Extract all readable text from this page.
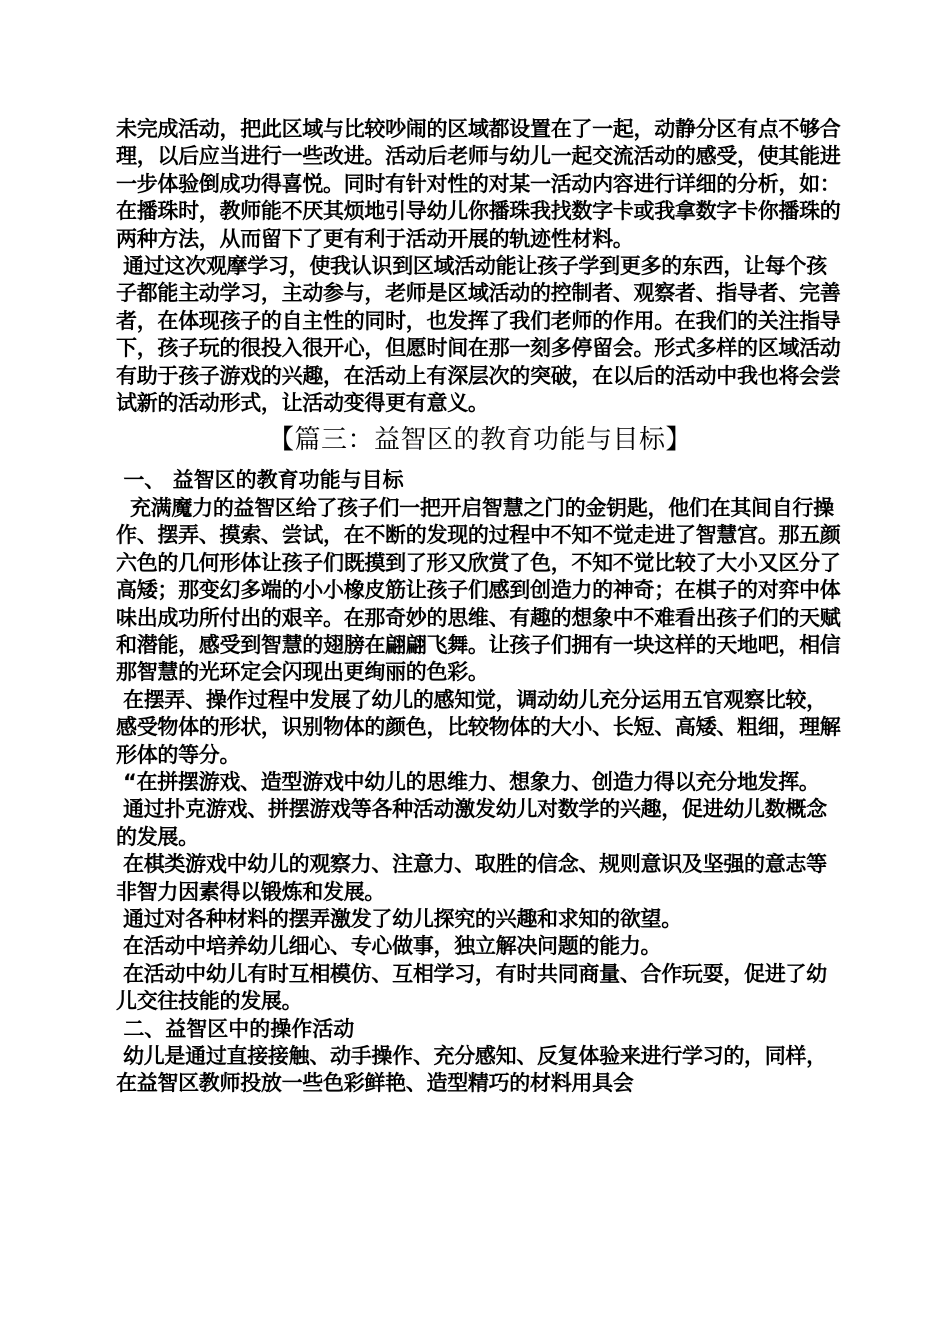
未完成活动，把此区域与比较吵闹的区域都设置在了一起，动静分区有点不够合理，以后应当进行一些改进。活动后老师与幼儿一起交流活动的感受，使其能进一步体验倒成功得喜悦。同时有针对性的对某一活动内容进行详细的分析，如：在播珠时，教师能不厌其烦地引导幼儿你播珠我找数字卡或我拿数字卡你播珠的两种方法，从而留下了更有利于活动开展的轨迹性材料。

通过这次观摩学习，使我认识到区域活动能让孩子学到更多的东西，让每个孩子都能主动学习，主动参与，老师是区域活动的控制者、观察者、指导者、完善者，在体现孩子的自主性的同时，也发挥了我们老师的作用。在我们的关注指导下，孩子玩的很投入很开心，但愿时间在那一刻多停留会。形式多样的区域活动有助于孩子游戏的兴趣，在活动上有深层次的突破，在以后的活动中我也将会尝试新的活动形式，让活动变得更有意义。

【篇三：益智区的教育功能与目标】

一、 益智区的教育功能与目标

充满魔力的益智区给了孩子们一把开启智慧之门的金钥匙，他们在其间自行操作、摆弄、摸索、尝试，在不断的发现的过程中不知不觉走进了智慧宫。那五颜六色的几何形体让孩子们既摸到了形又欣赏了色，不知不觉比较了大小又区分了高矮；那变幻多端的小小橡皮筋让孩子们感到创造力的神奇；在棋子的对弈中体味出成功所付出的艰辛。在那奇妙的思维、有趣的想象中不难看出孩子们的天赋和潜能，感受到智慧的翅膀在翩翩飞舞。让孩子们拥有一块这样的天地吧，相信那智慧的光环定会闪现出更绚丽的色彩。

在摆弄、操作过程中发展了幼儿的感知觉，调动幼儿充分运用五官观察比较，感受物体的形状，识别物体的颜色，比较物体的大小、长短、高矮、粗细，理解形体的等分。

“在拼摆游戏、造型游戏中幼儿的思维力、想象力、创造力得以充分地发挥。

通过扑克游戏、拼摆游戏等各种活动激发幼儿对数学的兴趣，促进幼儿数概念的发展。

在棋类游戏中幼儿的观察力、注意力、取胜的信念、规则意识及坚强的意志等非智力因素得以锻炼和发展。

通过对各种材料的摆弄激发了幼儿探究的兴趣和求知的欲望。

在活动中培养幼儿细心、专心做事，独立解决问题的能力。

在活动中幼儿有时互相模仿、互相学习，有时共同商量、合作玩耍，促进了幼儿交往技能的发展。

二、益智区中的操作活动

幼儿是通过直接接触、动手操作、充分感知、反复体验来进行学习的，同样，在益智区教师投放一些色彩鲜艳、造型精巧的材料用具会
